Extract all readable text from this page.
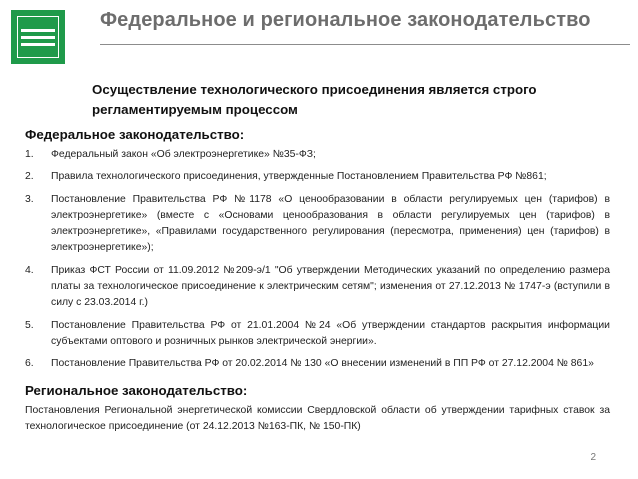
Федеральное и региональное законодательство
Осуществление технологического присоединения является строго регламентируемым процессом
Федеральное законодательство:
1. Федеральный закон «Об электроэнергетике» №35-ФЗ;
2. Правила технологического присоединения, утвержденные Постановлением Правительства РФ №861;
3. Постановление Правительства РФ №1178 «О ценообразовании в области регулируемых цен (тарифов) в электроэнергетике» (вместе с «Основами ценообразования в области регулируемых цен (тарифов) в электроэнергетике», «Правилами государственного регулирования (пересмотра, применения) цен (тарифов) в электроэнергетике»);
4. Приказ ФСТ России от 11.09.2012 №209-э/1 "Об утверждении Методических указаний по определению размера платы за технологическое присоединение к электрическим сетям"; изменения от 27.12.2013 № 1747-э (вступили в силу с 23.03.2014 г.)
5. Постановление Правительства РФ от 21.01.2004 №24 «Об утверждении стандартов раскрытия информации субъектами оптового и розничных рынков электрической энергии».
6. Постановление Правительства РФ от 20.02.2014 № 130 «О внесении изменений в ПП РФ от 27.12.2004 № 861»
Региональное законодательство:
Постановления Региональной энергетической комиссии Свердловской области об утверждении тарифных ставок за технологическое присоединение (от 24.12.2013 №163-ПК, № 150-ПК)
2
